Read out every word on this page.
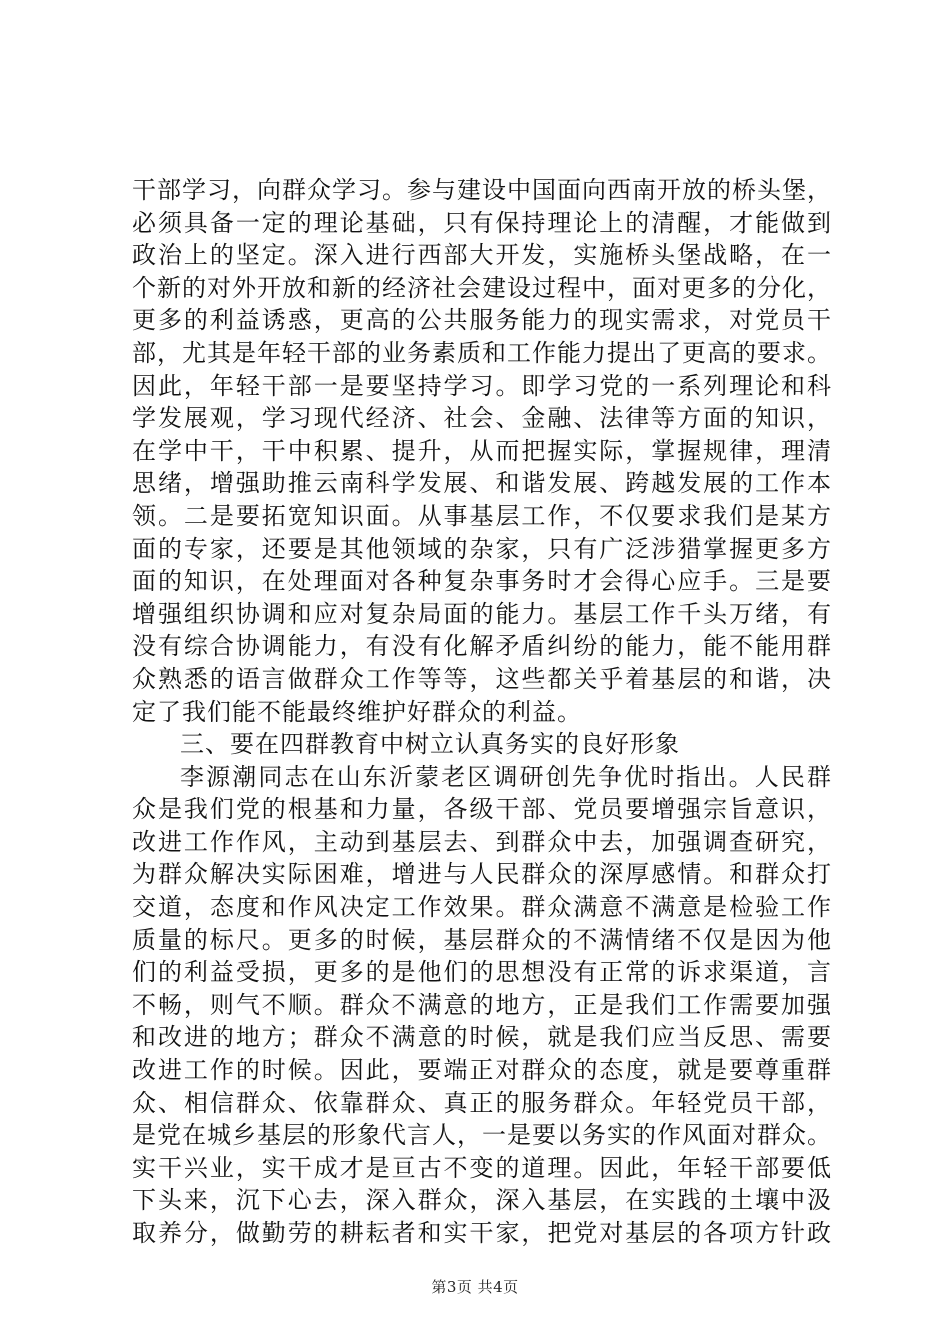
干部学习，向群众学习。参与建设中国面向西南开放的桥头堡，
必须具备一定的理论基础，只有保持理论上的清醒，才能做到
政治上的坚定。深入进行西部大开发，实施桥头堡战略，在一
个新的对外开放和新的经济社会建设过程中，面对更多的分化，
更多的利益诱惑，更高的公共服务能力的现实需求，对党员干
部，尤其是年轻干部的业务素质和工作能力提出了更高的要求。
因此，年轻干部一是要坚持学习。即学习党的一系列理论和科
学发展观，学习现代经济、社会、金融、法律等方面的知识，
在学中干，干中积累、提升，从而把握实际，掌握规律，理清
思绪，增强助推云南科学发展、和谐发展、跨越发展的工作本
领。二是要拓宽知识面。从事基层工作，不仅要求我们是某方
面的专家，还要是其他领域的杂家，只有广泛涉猎掌握更多方
面的知识，在处理面对各种复杂事务时才会得心应手。三是要
增强组织协调和应对复杂局面的能力。基层工作千头万绪，有
没有综合协调能力，有没有化解矛盾纠纷的能力，能不能用群
众熟悉的语言做群众工作等等，这些都关乎着基层的和谐，决
定了我们能不能最终维护好群众的利益。
三、要在四群教育中树立认真务实的良好形象
李源潮同志在山东沂蒙老区调研创先争优时指出。人民群
众是我们党的根基和力量，各级干部、党员要增强宗旨意识，
改进工作作风，主动到基层去、到群众中去，加强调查研究，
为群众解决实际困难，增进与人民群众的深厚感情。和群众打
交道，态度和作风决定工作效果。群众满意不满意是检验工作
质量的标尺。更多的时候，基层群众的不满情绪不仅是因为他
们的利益受损，更多的是他们的思想没有正常的诉求渠道，言
不畅，则气不顺。群众不满意的地方，正是我们工作需要加强
和改进的地方；群众不满意的时候，就是我们应当反思、需要
改进工作的时候。因此，要端正对群众的态度，就是要尊重群
众、相信群众、依靠群众、真正的服务群众。年轻党员干部，
是党在城乡基层的形象代言人，一是要以务实的作风面对群众。
实干兴业，实干成才是亘古不变的道理。因此，年轻干部要低
下头来，沉下心去，深入群众，深入基层，在实践的土壤中汲
取养分，做勤劳的耕耘者和实干家，把党对基层的各项方针政
第3页 共4页
